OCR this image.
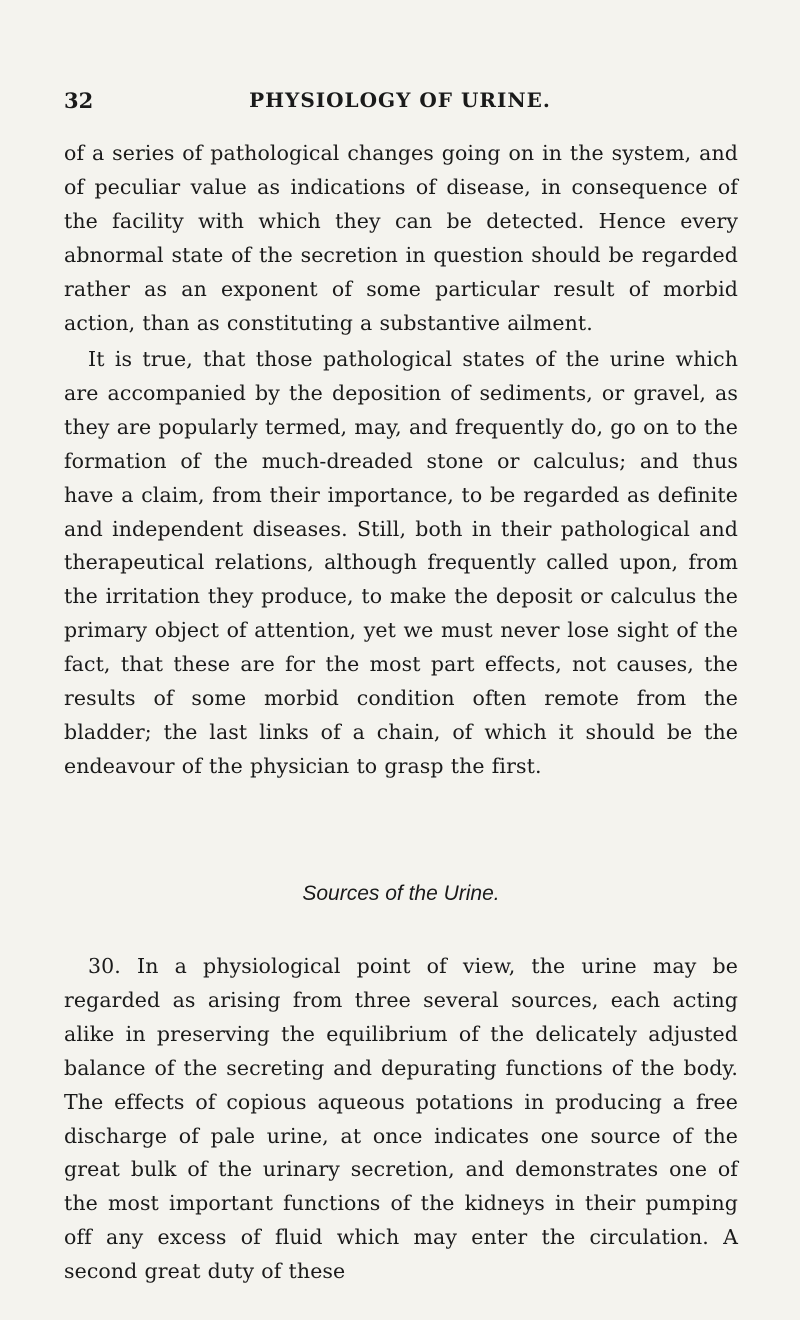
32	PHYSIOLOGY OF URINE.

of a series of pathological changes going on in the system, and of peculiar value as indications of disease, in consequence of the facility with which they can be detected. Hence every abnormal state of the secretion in question should be regarded rather as an exponent of some particular result of morbid action, than as constituting a substantive ailment.

It is true, that those pathological states of the urine which are accompanied by the deposition of sediments, or gravel, as they are popularly termed, may, and frequently do, go on to the formation of the much-dreaded stone or calculus; and thus have a claim, from their importance, to be regarded as definite and independent diseases. Still, both in their pathological and therapeutical relations, although frequently called upon, from the irritation they produce, to make the deposit or calculus the primary object of attention, yet we must never lose sight of the fact, that these are for the most part effects, not causes, the results of some morbid condition often remote from the bladder; the last links of a chain, of which it should be the endeavour of the physician to grasp the first.

Sources of the Urine.

30. In a physiological point of view, the urine may be regarded as arising from three several sources, each acting alike in preserving the equilibrium of the delicately adjusted balance of the secreting and depurating functions of the body. The effects of copious aqueous potations in producing a free discharge of pale urine, at once indicates one source of the great bulk of the urinary secretion, and demonstrates one of the most important functions of the kidneys in their pumping off any excess of fluid which may enter the circulation. A second great duty of these
